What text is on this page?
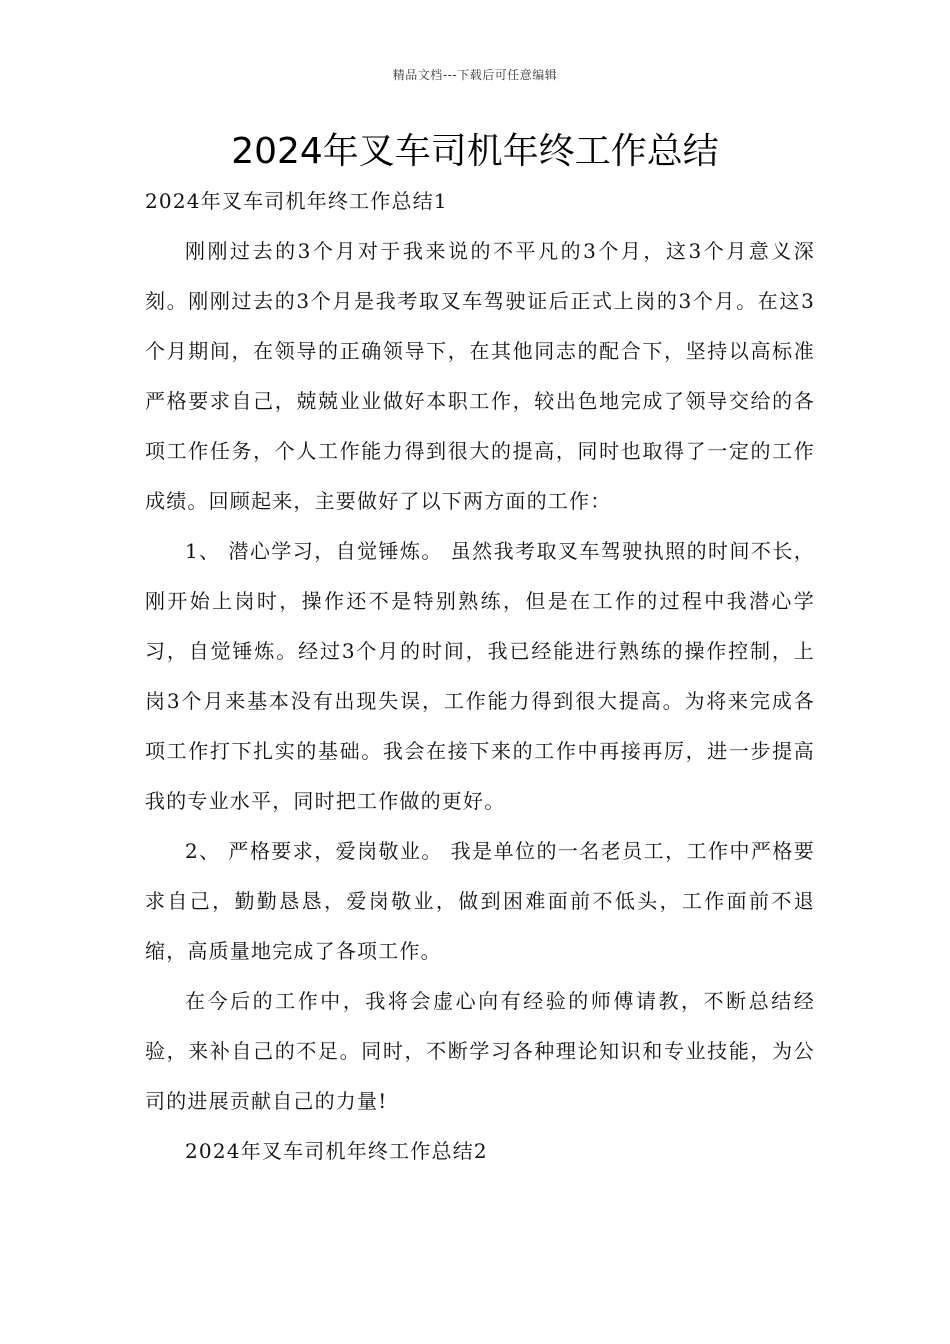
精品文档---下载后可任意编辑
2024年叉车司机年终工作总结

2024年叉车司机年终工作总结1

刚刚过去的3个月对于我来说的不平凡的3个月，这3个月意义深刻。刚刚过去的3个月是我考取叉车驾驶证后正式上岗的3个月。在这3个月期间，在领导的正确领导下，在其他同志的配合下，坚持以高标准严格要求自己，兢兢业业做好本职工作，较出色地完成了领导交给的各项工作任务，个人工作能力得到很大的提高，同时也取得了一定的工作成绩。回顾起来，主要做好了以下两方面的工作：

1、 潜心学习，自觉锤炼。 虽然我考取叉车驾驶执照的时间不长，刚开始上岗时，操作还不是特别熟练，但是在工作的过程中我潜心学习，自觉锤炼。经过3个月的时间，我已经能进行熟练的操作控制，上岗3个月来基本没有出现失误，工作能力得到很大提高。为将来完成各项工作打下扎实的基础。我会在接下来的工作中再接再厉，进一步提高我的专业水平，同时把工作做的更好。

2、 严格要求，爱岗敬业。 我是单位的一名老员工，工作中严格要求自己，勤勤恳恳，爱岗敬业，做到困难面前不低头，工作面前不退缩，高质量地完成了各项工作。

在今后的工作中，我将会虚心向有经验的师傅请教，不断总结经验，来补自己的不足。同时，不断学习各种理论知识和专业技能，为公司的进展贡献自己的力量!

2024年叉车司机年终工作总结2
